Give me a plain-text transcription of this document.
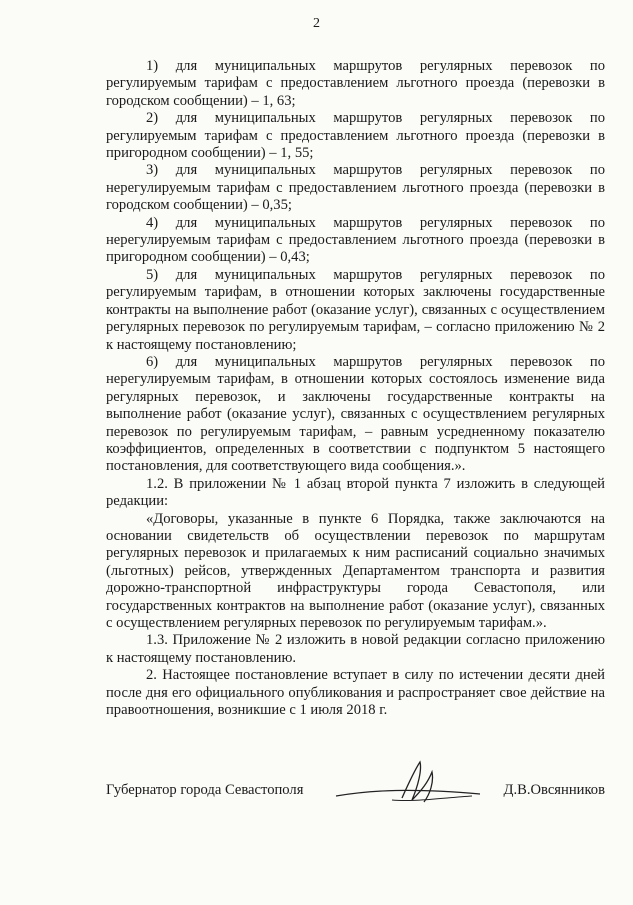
2

1) для муниципальных маршрутов регулярных перевозок по регулируемым тарифам с предоставлением льготного проезда (перевозки в городском сообщении) – 1, 63;

2) для муниципальных маршрутов регулярных перевозок по регулируемым тарифам с предоставлением льготного проезда (перевозки в пригородном сообщении) – 1, 55;

3) для муниципальных маршрутов регулярных перевозок по нерегулируемым тарифам с предоставлением льготного проезда (перевозки в городском сообщении) – 0,35;

4) для муниципальных маршрутов регулярных перевозок по нерегулируемым тарифам с предоставлением льготного проезда (перевозки в пригородном сообщении) – 0,43;

5) для муниципальных маршрутов регулярных перевозок по регулируемым тарифам, в отношении которых заключены государственные контракты на выполнение работ (оказание услуг), связанных с осуществлением регулярных перевозок по регулируемым тарифам, – согласно приложению № 2 к настоящему постановлению;

6) для муниципальных маршрутов регулярных перевозок по нерегулируемым тарифам, в отношении которых состоялось изменение вида регулярных перевозок, и заключены государственные контракты на выполнение работ (оказание услуг), связанных с осуществлением регулярных перевозок по регулируемым тарифам, – равным усредненному показателю коэффициентов, определенных в соответствии с подпунктом 5 настоящего постановления, для соответствующего вида сообщения.».

1.2. В приложении № 1 абзац второй пункта 7 изложить в следующей редакции:

«Договоры, указанные в пункте 6 Порядка, также заключаются на основании свидетельств об осуществлении перевозок по маршрутам регулярных перевозок и прилагаемых к ним расписаний социально значимых (льготных) рейсов, утвержденных Департаментом транспорта и развития дорожно-транспортной инфраструктуры города Севастополя, или государственных контрактов на выполнение работ (оказание услуг), связанных с осуществлением регулярных перевозок по регулируемым тарифам.».

1.3. Приложение № 2 изложить в новой редакции согласно приложению к настоящему постановлению.

2. Настоящее постановление вступает в силу по истечении десяти дней после дня его официального опубликования и распространяет свое действие на правоотношения, возникшие с 1 июля 2018 г.

Губернатор города Севастополя	Д.В.Овсянников
